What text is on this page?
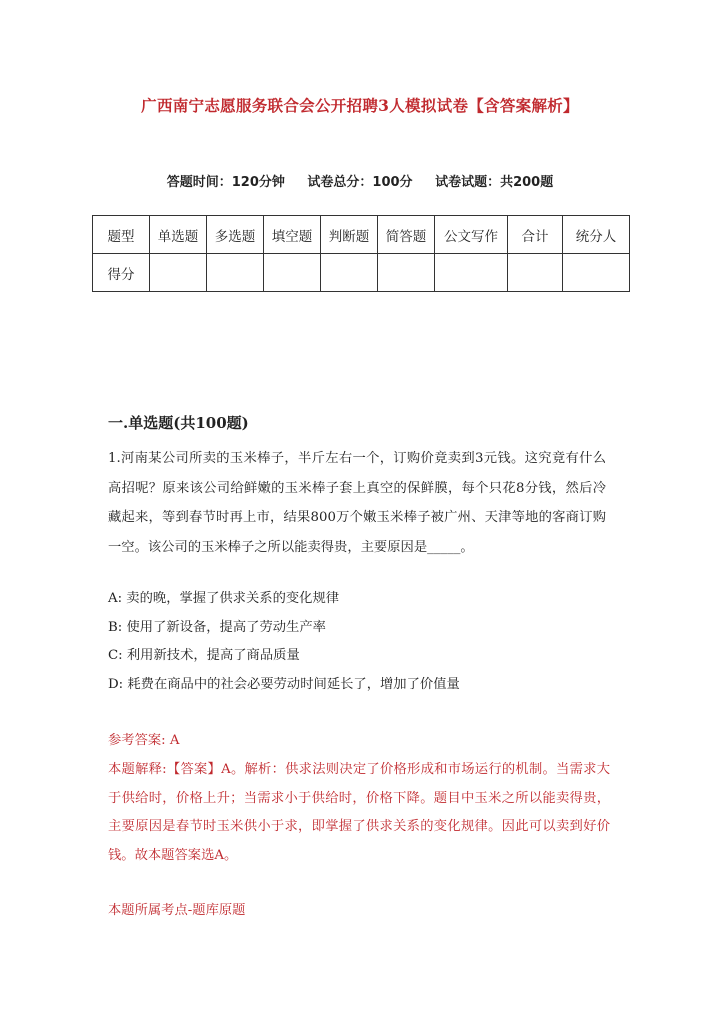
广西南宁志愿服务联合会公开招聘3人模拟试卷【含答案解析】
答题时间：120分钟 试卷总分：100分 试卷试题：共200题
题型	单选题	多选题	填空题	判断题	简答题	公文写作	合计	统分人
得分								
一.单选题(共100题)
1.河南某公司所卖的玉米棒子，半斤左右一个，订购价竟卖到3元钱。这究竟有什么高招呢？原来该公司给鲜嫩的玉米棒子套上真空的保鲜膜，每个只花8分钱，然后冷藏起来，等到春节时再上市，结果800万个嫩玉米棒子被广州、天津等地的客商订购一空。该公司的玉米棒子之所以能卖得贵，主要原因是_____。
A: 卖的晚，掌握了供求关系的变化规律
B: 使用了新设备，提高了劳动生产率
C: 利用新技术，提高了商品质量
D: 耗费在商品中的社会必要劳动时间延长了，增加了价值量
参考答案: A
本题解释:【答案】A。解析：供求法则决定了价格形成和市场运行的机制。当需求大于供给时，价格上升；当需求小于供给时，价格下降。题目中玉米之所以能卖得贵，主要原因是春节时玉米供小于求，即掌握了供求关系的变化规律。因此可以卖到好价钱。故本题答案选A。
本题所属考点-题库原题
